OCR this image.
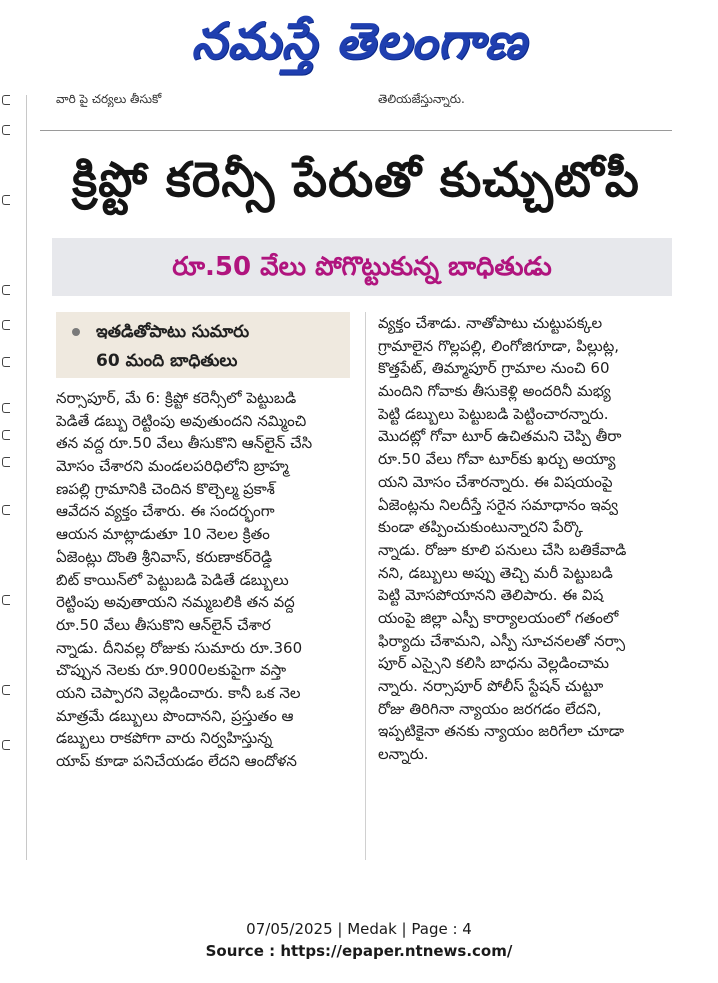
నమస్తే తెలంగాణ
వారి పై చర్యలు తీసుకో	తెలియజేస్తున్నారు.
క్రిప్టో కరెన్సీ పేరుతో కుచ్చుటోపీ
రూ.50 వేలు పోగొట్టుకున్న బాధితుడు
ఇతడితోపాటు సుమారు
60 మంది బాధితులు
నర్సాపూర్, మే 6: క్రిప్టో కరెన్సీలో పెట్టుబడి
పెడితే డబ్బు రెట్టింపు అవుతుందని నమ్మించి
తన వద్ద రూ.50 వేలు తీసుకొని ఆన్‌లైన్ చేసి
మోసం చేశారని మండలపరిధిలోని బ్రాహ్మ
ణపల్లి గ్రామానికి చెందిన కొల్చెల్మ ప్రకాశ్
ఆవేదన వ్యక్తం చేశారు. ఈ సందర్భంగా
ఆయన మాట్లాడుతూ 10 నెలల క్రితం
ఏజెంట్లు దొంతి శ్రీనివాస్, కరుణాకర్‌రెడ్డి
బిట్ కాయిన్‌లో పెట్టుబడి పెడితే డబ్బులు
రెట్టింపు అవుతాయని నమ్మబలికి తన వద్ద
రూ.50 వేలు తీసుకొని ఆన్‌లైన్ చేశార
న్నాడు. దీనివల్ల రోజుకు సుమారు రూ.360
చొప్పున నెలకు రూ.9000లకుపైగా వస్తా
యని చెప్పారని వెల్లడించారు. కానీ ఒక నెల
మాత్రమే డబ్బులు పొందానని, ప్రస్తుతం ఆ
డబ్బులు రాకపోగా వారు నిర్వహిస్తున్న
యాప్ కూడా పనిచేయడం లేదని ఆందోళన
వ్యక్తం చేశాడు. నాతోపాటు చుట్టుపక్కల
గ్రామాలైన గొల్లపల్లి, లింగోజిగూడా, పిల్లుట్ల,
కొత్తపేట్, తిమ్మాపూర్ గ్రామాల నుంచి 60
మందిని గోవాకు తీసుకెళ్లి అందరినీ మభ్య
పెట్టి డబ్బులు పెట్టుబడి పెట్టించారన్నారు.
మొదట్లో గోవా టూర్ ఉచితమని చెప్పి తీరా
రూ.50 వేలు గోవా టూర్‌కు ఖర్చు అయ్యా
యని మోసం చేశారన్నారు. ఈ విషయంపై
ఏజెంట్లను నిలదీస్తే సరైన సమాధానం ఇవ్వ
కుండా తప్పించుకుంటున్నారని పేర్కొ
న్నాడు. రోజూ కూలి పనులు చేసి బతికేవాడి
నని, డబ్బులు అప్పు తెచ్చి మరీ పెట్టుబడి
పెట్టి మోసపోయానని తెలిపారు. ఈ విష
యంపై జిల్లా ఎస్పీ కార్యాలయంలో గతంలో
ఫిర్యాదు చేశామని, ఎస్పీ సూచనలతో నర్సా
పూర్ ఎస్సైని కలిసి బాధను వెల్లడించామ
న్నారు. నర్సాపూర్ పోలీస్ స్టేషన్ చుట్టూ
రోజు తిరిగినా న్యాయం జరగడం లేదని,
ఇప్పటికైనా తనకు న్యాయం జరిగేలా చూడా
లన్నారు.
07/05/2025 | Medak | Page : 4
Source : https://epaper.ntnews.com/
